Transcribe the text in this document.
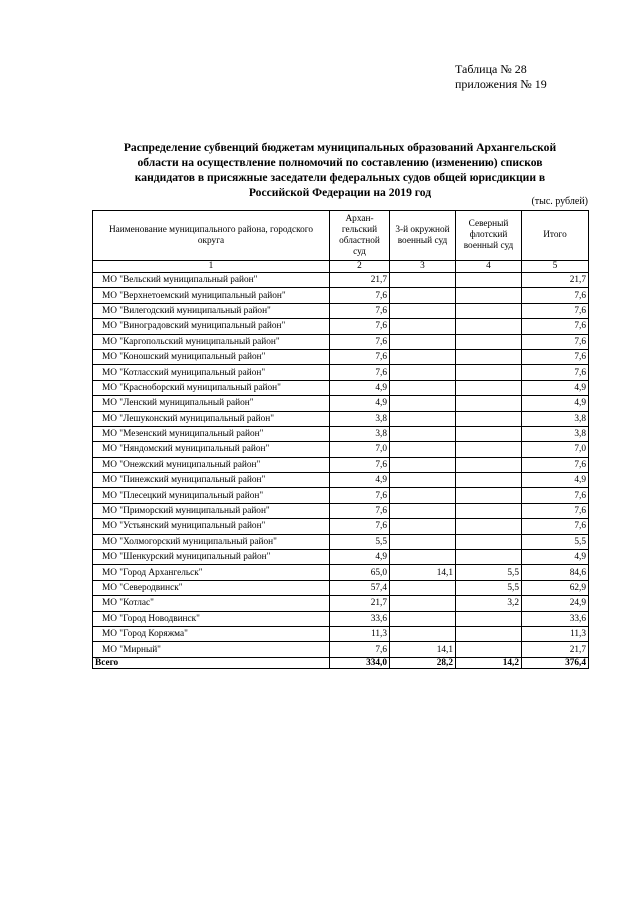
Таблица № 28
приложения № 19
Распределение субвенций бюджетам муниципальных образований Архангельской
области на осуществление полномочий по составлению (изменению) списков
кандидатов в присяжные заседатели федеральных судов общей юрисдикции в
Российской Федерации на 2019 год
(тыс. рублей)
Наименование муниципального района, городского округа	Архан-гельский областной суд	3-й окружной военный суд	Северный флотский военный суд	Итого
1	2	3	4	5
МО "Вельский муниципальный район"	21,7			21,7
МО "Верхнетоемский муниципальный район"	7,6			7,6
МО "Вилегодский муниципальный район"	7,6			7,6
МО "Виноградовский муниципальный район"	7,6			7,6
МО "Каргопольский муниципальный район"	7,6			7,6
МО "Коношский муниципальный район"	7,6			7,6
МО "Котласский муниципальный район"	7,6			7,6
МО "Красноборский муниципальный район"	4,9			4,9
МО "Ленский муниципальный район"	4,9			4,9
МО "Лешуконский муниципальный район"	3,8			3,8
МО "Мезенский муниципальный район"	3,8			3,8
МО "Няндомский муниципальный район"	7,0			7,0
МО "Онежский муниципальный район"	7,6			7,6
МО "Пинежский муниципальный район"	4,9			4,9
МО "Плесецкий муниципальный район"	7,6			7,6
МО "Приморский муниципальный район"	7,6			7,6
МО "Устьянский муниципальный район"	7,6			7,6
МО "Холмогорский муниципальный район"	5,5			5,5
МО "Шенкурский муниципальный район"	4,9			4,9
МО "Город Архангельск"	65,0	14,1	5,5	84,6
МО "Северодвинск"	57,4		5,5	62,9
МО "Котлас"	21,7		3,2	24,9
МО "Город Новодвинск"	33,6			33,6
МО "Город Коряжма"	11,3			11,3
МО "Мирный"	7,6	14,1		21,7
Всего	334,0	28,2	14,2	376,4
